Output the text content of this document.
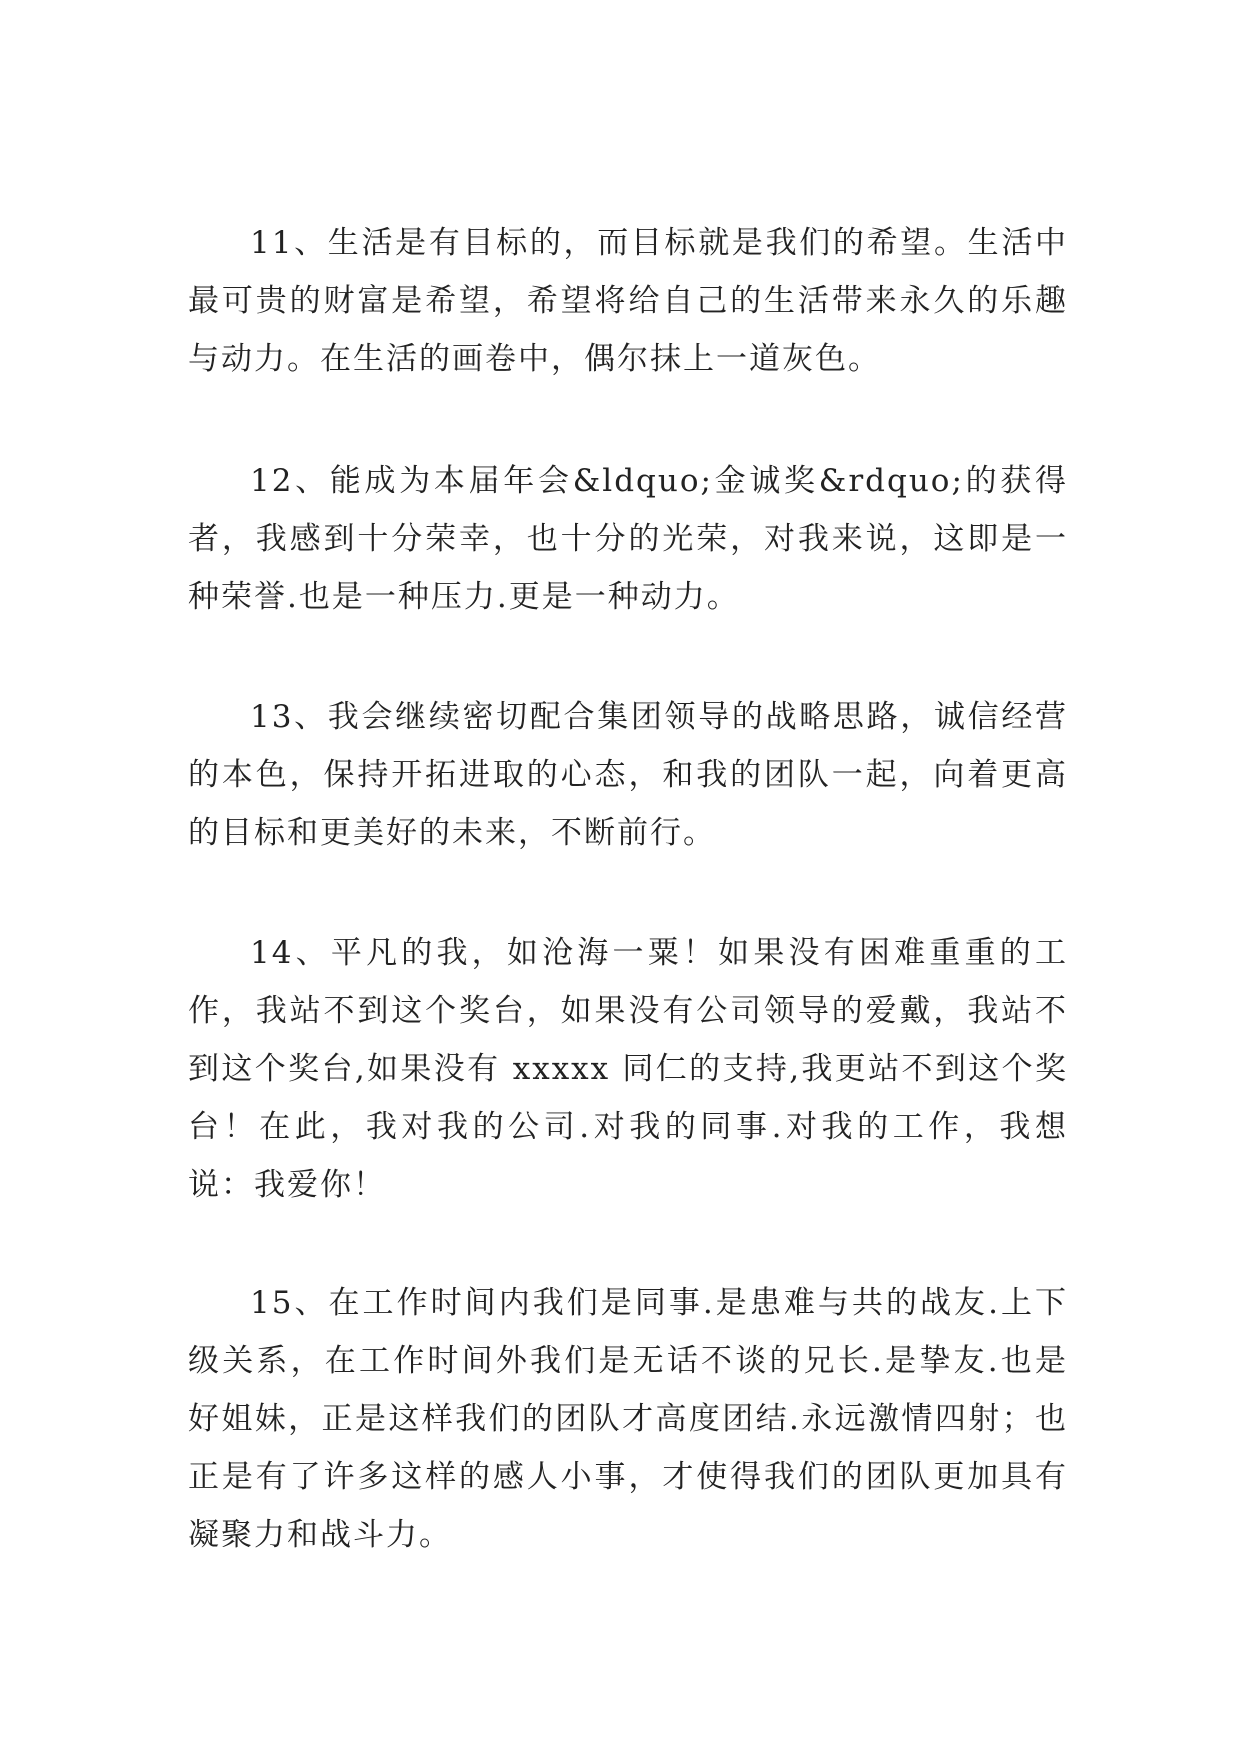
11、生活是有目标的，而目标就是我们的希望。生活中最可贵的财富是希望，希望将给自己的生活带来永久的乐趣与动力。在生活的画卷中，偶尔抹上一道灰色。

12、能成为本届年会&ldquo;金诚奖&rdquo;的获得者，我感到十分荣幸，也十分的光荣，对我来说，这即是一种荣誉.也是一种压力.更是一种动力。

13、我会继续密切配合集团领导的战略思路，诚信经营的本色，保持开拓进取的心态，和我的团队一起，向着更高的目标和更美好的未来，不断前行。

14、平凡的我，如沧海一粟！如果没有困难重重的工作，我站不到这个奖台，如果没有公司领导的爱戴，我站不到这个奖台,如果没有 xxxxx 同仁的支持,我更站不到这个奖台！在此，我对我的公司.对我的同事.对我的工作，我想说：我爱你！

15、在工作时间内我们是同事.是患难与共的战友.上下级关系，在工作时间外我们是无话不谈的兄长.是挚友.也是好姐妹，正是这样我们的团队才高度团结.永远激情四射；也正是有了许多这样的感人小事，才使得我们的团队更加具有凝聚力和战斗力。
